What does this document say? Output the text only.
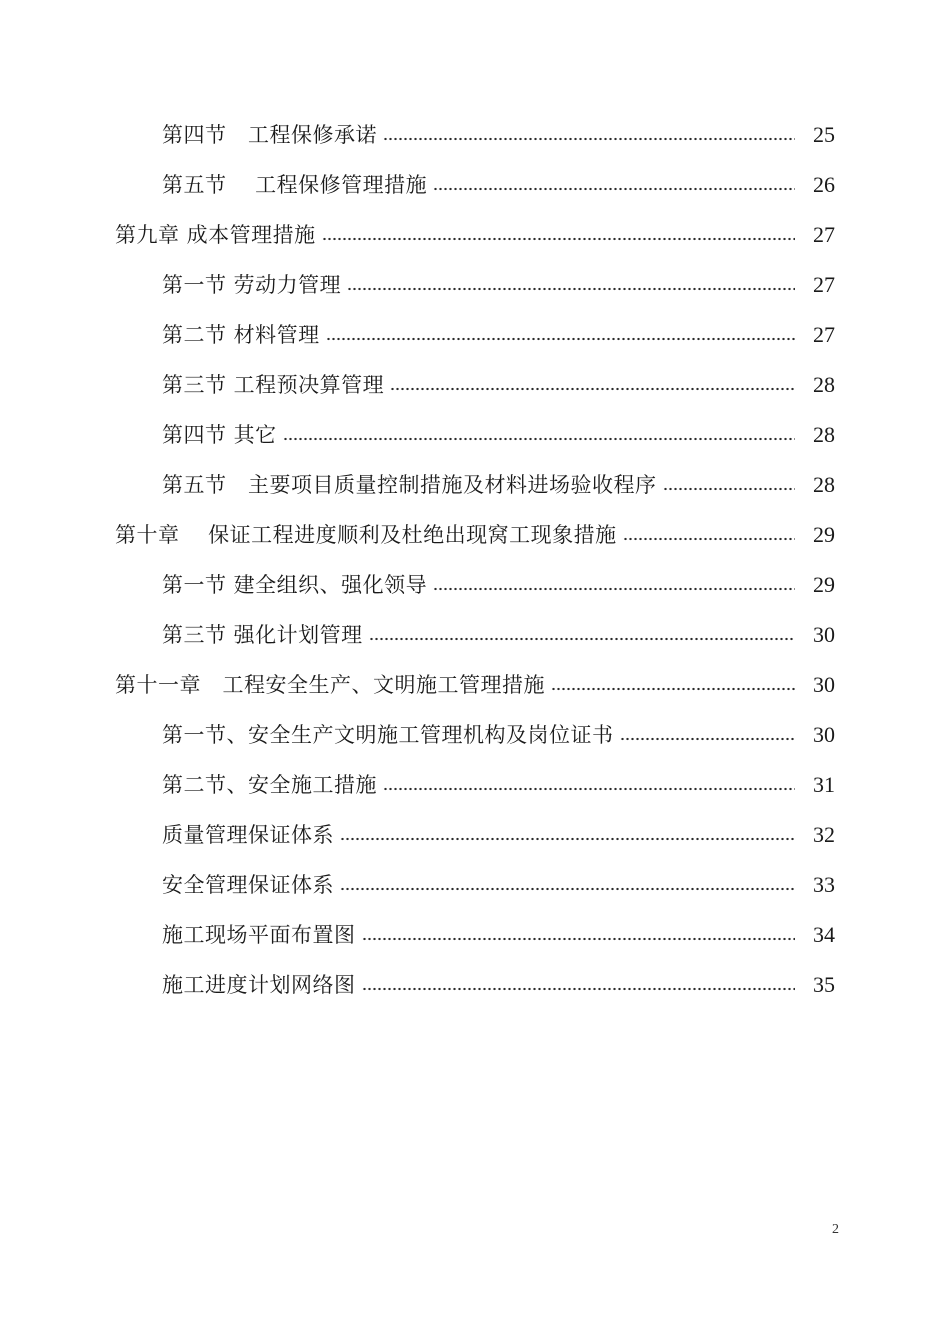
第四节　工程保修承诺	25
第五节　 工程保修管理措施	26
第九章 成本管理措施	27
第一节 劳动力管理	27
第二节 材料管理	27
第三节 工程预决算管理	28
第四节 其它	28
第五节　主要项目质量控制措施及材料进场验收程序	28
第十章　 保证工程进度顺利及杜绝出现窝工现象措施	29
第一节 建全组织、强化领导	29
第三节 强化计划管理	30
第十一章　工程安全生产、文明施工管理措施	30
第一节、安全生产文明施工管理机构及岗位证书	30
第二节、安全施工措施	31
质量管理保证体系	32
安全管理保证体系	33
施工现场平面布置图	34
施工进度计划网络图	35
2
